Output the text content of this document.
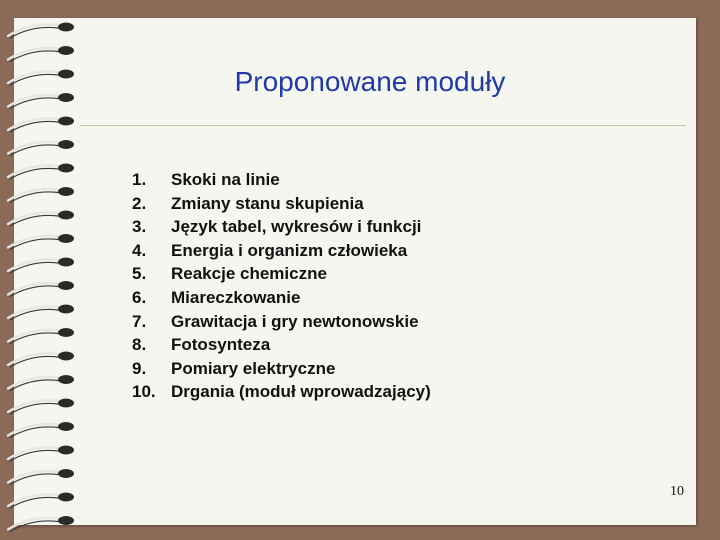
Proponowane moduły
1.	Skoki na linie
2.	Zmiany stanu skupienia
3.	Język tabel, wykresów i funkcji
4.	Energia i organizm człowieka
5.	Reakcje chemiczne
6.	Miareczkowanie
7.	Grawitacja i gry newtonowskie
8.	Fotosynteza
9.	Pomiary elektryczne
10. Drgania (moduł wprowadzający)
10
